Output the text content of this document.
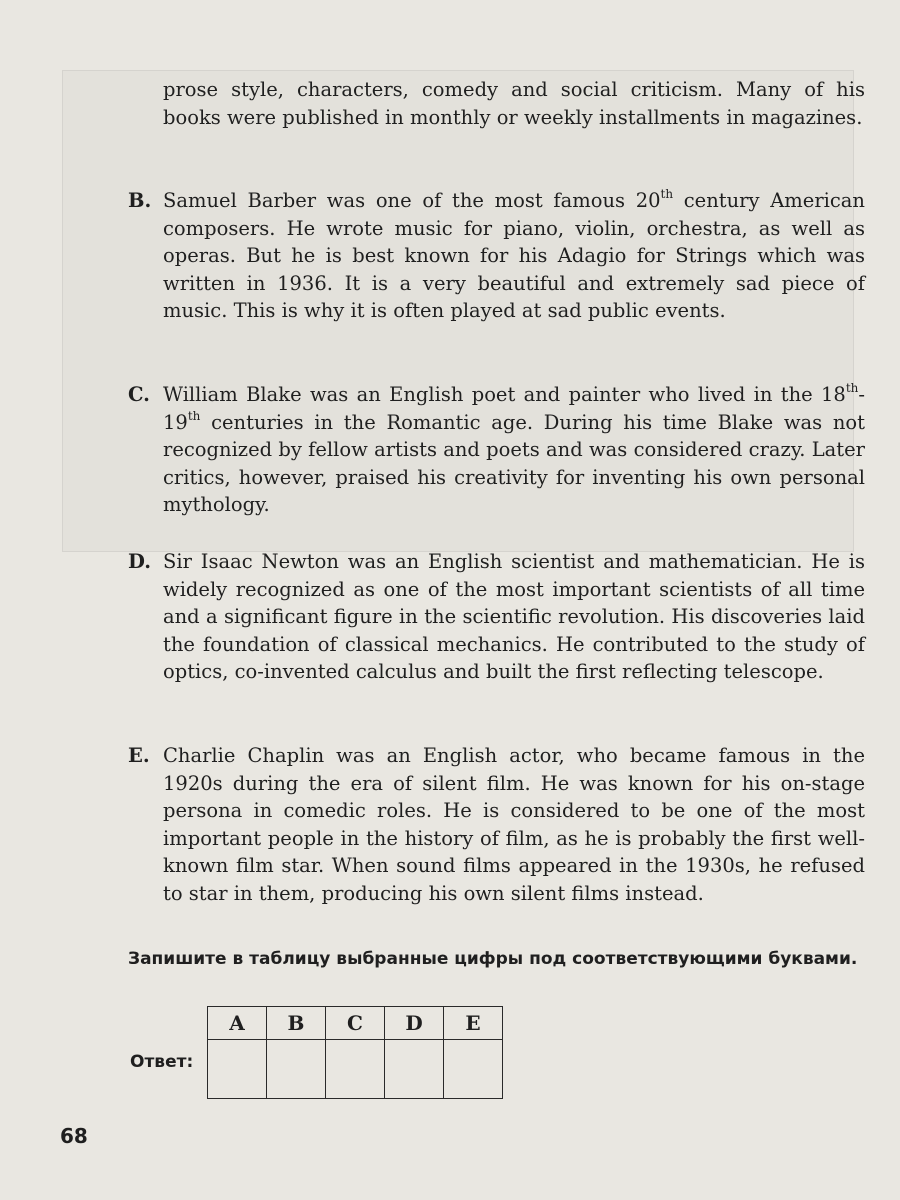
prose style, characters, comedy and social criticism. Many of his books were published in monthly or weekly installments in magazines.

B. Samuel Barber was one of the most famous 20th century American composers. He wrote music for piano, violin, orchestra, as well as operas. But he is best known for his Adagio for Strings which was written in 1936. It is a very beautiful and extremely sad piece of music. This is why it is often played at sad public events.

C. William Blake was an English poet and painter who lived in the 18th-19th centuries in the Romantic age. During his time Blake was not recognized by fellow artists and poets and was considered crazy. Later critics, however, praised his creativity for inventing his own personal mythology.

D. Sir Isaac Newton was an English scientist and mathematician. He is widely recognized as one of the most important scientists of all time and a significant figure in the scientific revolution. His discoveries laid the foundation of classical mechanics. He contributed to the study of optics, co-invented calculus and built the first reflecting telescope.

E. Charlie Chaplin was an English actor, who became famous in the 1920s during the era of silent film. He was known for his on-stage persona in comedic roles. He is considered to be one of the most important people in the history of film, as he is probably the first well-known film star. When sound films appeared in the 1930s, he refused to star in them, producing his own silent films instead.

Запишите в таблицу выбранные цифры под соответствующими буквами.

Ответ:
A	B	C	D	E

68
